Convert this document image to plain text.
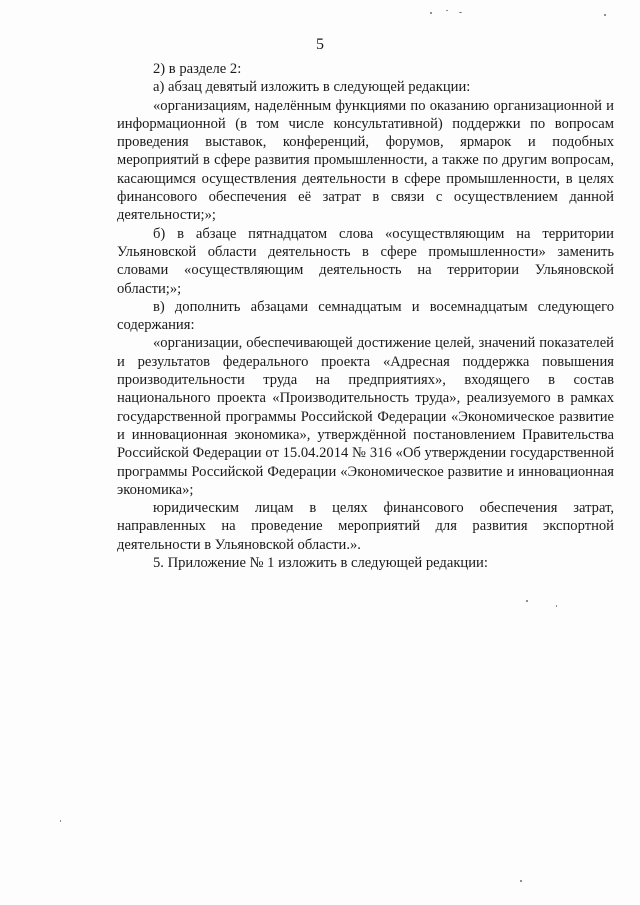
5

2) в разделе 2:

а) абзац девятый изложить в следующей редакции:

«организациям, наделённым функциями по оказанию организационной и информационной (в том числе консультативной) поддержки по вопросам проведения выставок, конференций, форумов, ярмарок и подобных мероприятий в сфере развития промышленности, а также по другим вопросам, касающимся осуществления деятельности в сфере промышленности, в целях финансового обеспечения её затрат в связи с осуществлением данной деятельности;»;

б) в абзаце пятнадцатом слова «осуществляющим на территории Ульяновской области деятельность в сфере промышленности» заменить словами «осуществляющим деятельность на территории Ульяновской области;»;

в) дополнить абзацами семнадцатым и восемнадцатым следующего содержания:

«организации, обеспечивающей достижение целей, значений показателей и результатов федерального проекта «Адресная поддержка повышения производительности труда на предприятиях», входящего в состав национального проекта «Производительность труда», реализуемого в рамках государственной программы Российской Федерации «Экономическое развитие и инновационная экономика», утверждённой постановлением Правительства Российской Федерации от 15.04.2014 № 316 «Об утверждении государственной программы Российской Федерации «Экономическое развитие и инновационная экономика»;

юридическим лицам в целях финансового обеспечения затрат, направленных на проведение мероприятий для развития экспортной деятельности в Ульяновской области.».

5. Приложение № 1 изложить в следующей редакции:
